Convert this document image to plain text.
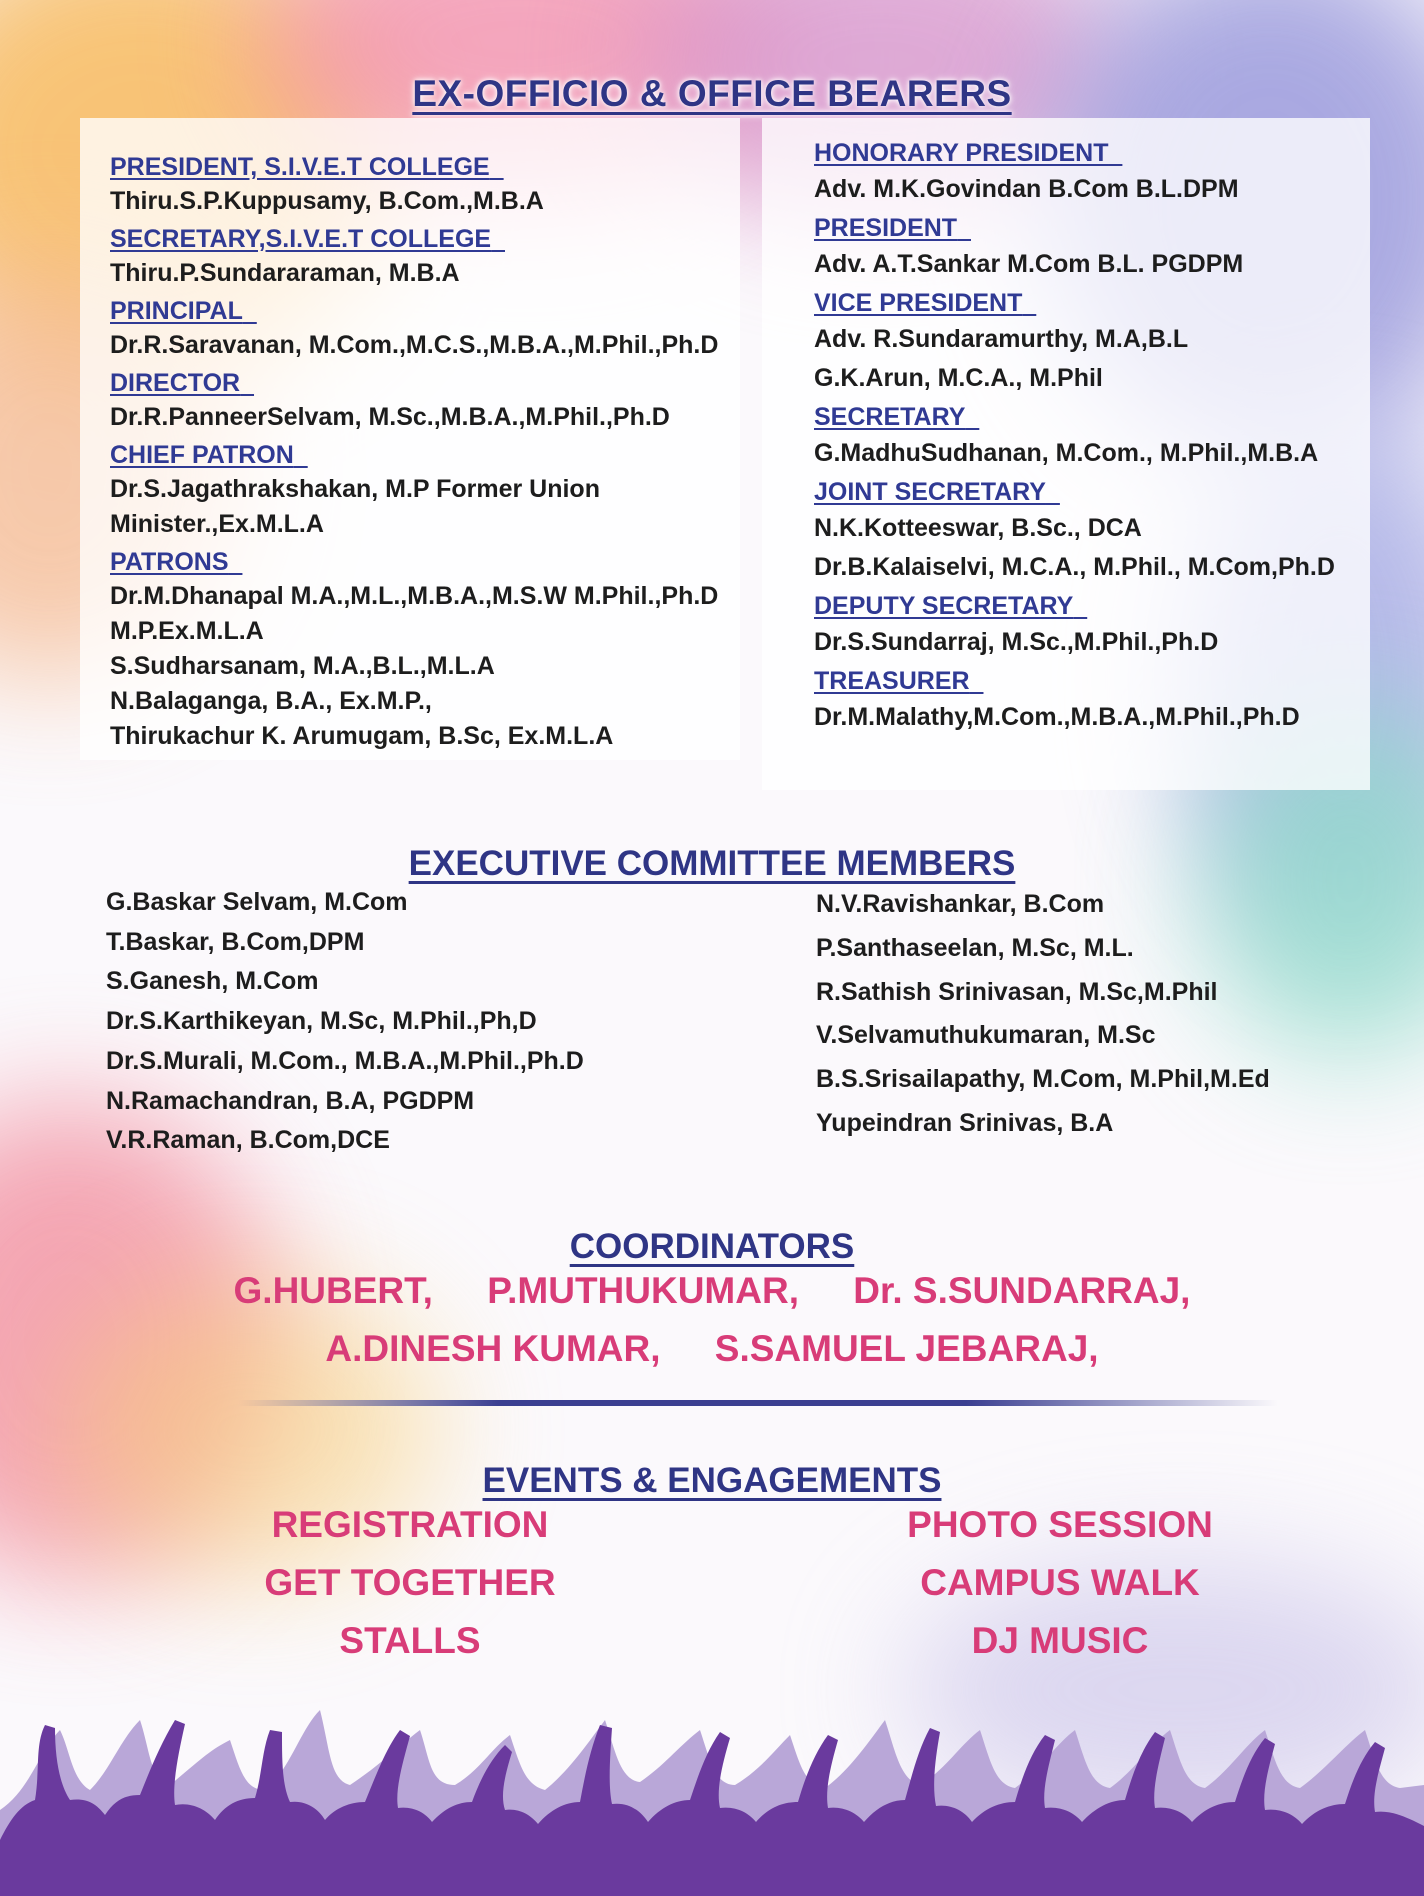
EX-OFFICIO & OFFICE BEARERS
PRESIDENT, S.I.V.E.T COLLEGE
Thiru.S.P.Kuppusamy, B.Com.,M.B.A
SECRETARY,S.I.V.E.T COLLEGE
Thiru.P.Sundararaman, M.B.A
PRINCIPAL
Dr.R.Saravanan, M.Com.,M.C.S.,M.B.A.,M.Phil.,Ph.D
DIRECTOR
Dr.R.PanneerSelvam, M.Sc.,M.B.A.,M.Phil.,Ph.D
CHIEF PATRON
Dr.S.Jagathrakshakan, M.P Former Union
Minister.,Ex.M.L.A
PATRONS
Dr.M.Dhanapal M.A.,M.L.,M.B.A.,M.S.W M.Phil.,Ph.D
M.P.Ex.M.L.A
S.Sudharsanam, M.A.,B.L.,M.L.A
N.Balaganga, B.A., Ex.M.P.,
Thirukachur K. Arumugam, B.Sc, Ex.M.L.A
HONORARY PRESIDENT
Adv. M.K.Govindan B.Com B.L.DPM
PRESIDENT
Adv. A.T.Sankar M.Com B.L. PGDPM
VICE PRESIDENT
Adv. R.Sundaramurthy, M.A,B.L
G.K.Arun, M.C.A., M.Phil
SECRETARY
G.MadhuSudhanan, M.Com., M.Phil.,M.B.A
JOINT SECRETARY
N.K.Kotteeswar, B.Sc., DCA
Dr.B.Kalaiselvi, M.C.A., M.Phil., M.Com,Ph.D
DEPUTY SECRETARY
Dr.S.Sundarraj, M.Sc.,M.Phil.,Ph.D
TREASURER
Dr.M.Malathy,M.Com.,M.B.A.,M.Phil.,Ph.D
EXECUTIVE COMMITTEE MEMBERS
G.Baskar Selvam, M.Com
T.Baskar, B.Com,DPM
S.Ganesh, M.Com
Dr.S.Karthikeyan, M.Sc, M.Phil.,Ph,D
Dr.S.Murali, M.Com., M.B.A.,M.Phil.,Ph.D
N.Ramachandran, B.A, PGDPM
V.R.Raman, B.Com,DCE
N.V.Ravishankar, B.Com
P.Santhaseelan, M.Sc, M.L.
R.Sathish Srinivasan, M.Sc,M.Phil
V.Selvamuthukumaran, M.Sc
B.S.Srisailapathy, M.Com, M.Phil,M.Ed
Yupeindran Srinivas, B.A
COORDINATORS
G.HUBERT, P.MUTHUKUMAR, Dr. S.SUNDARRAJ,
A.DINESH KUMAR, S.SAMUEL JEBARAJ,
EVENTS & ENGAGEMENTS
REGISTRATION
GET TOGETHER
STALLS
PHOTO SESSION
CAMPUS WALK
DJ MUSIC
